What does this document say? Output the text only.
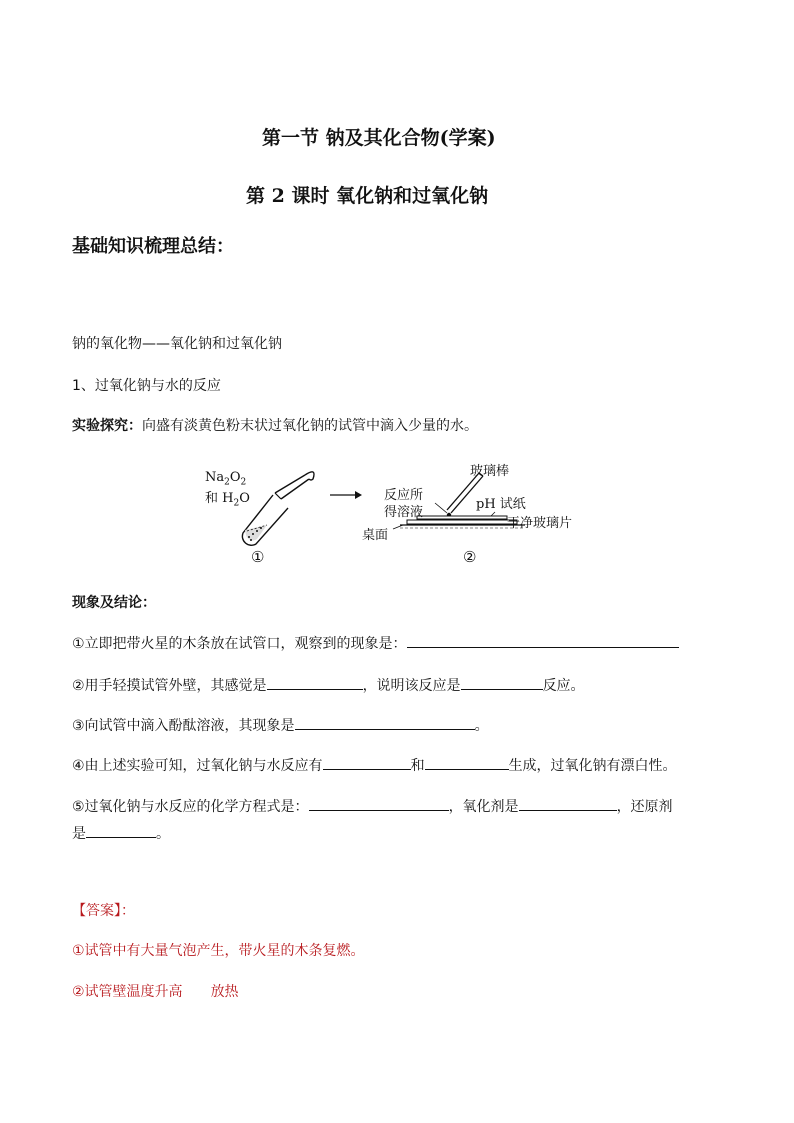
第一节 钠及其化合物(学案)
第 2 课时 氧化钠和过氧化钠
基础知识梳理总结：
钠的氧化物——氧化钠和过氧化钠
1、过氧化钠与水的反应
实验探究：向盛有淡黄色粉末状过氧化钠的试管中滴入少量的水。
$Na_2O_2$
和 $H_2O$
玻璃棒
反应所
得溶液
pH 试纸
干净玻璃片
桌面
①	②
现象及结论：
①立即把带火星的木条放在试管口，观察到的现象是：
②用手轻摸试管外壁，其感觉是	，说明该反应是	反应。
③向试管中滴入酚酞溶液，其现象是	。
④由上述实验可知，过氧化钠与水反应有	和	生成，过氧化钠有漂白性。
⑤过氧化钠与水反应的化学方程式是：	，氧化剂是	，还原剂
是	。
【答案】：
①试管中有大量气泡产生，带火星的木条复燃。
②试管壁温度升高 放热
